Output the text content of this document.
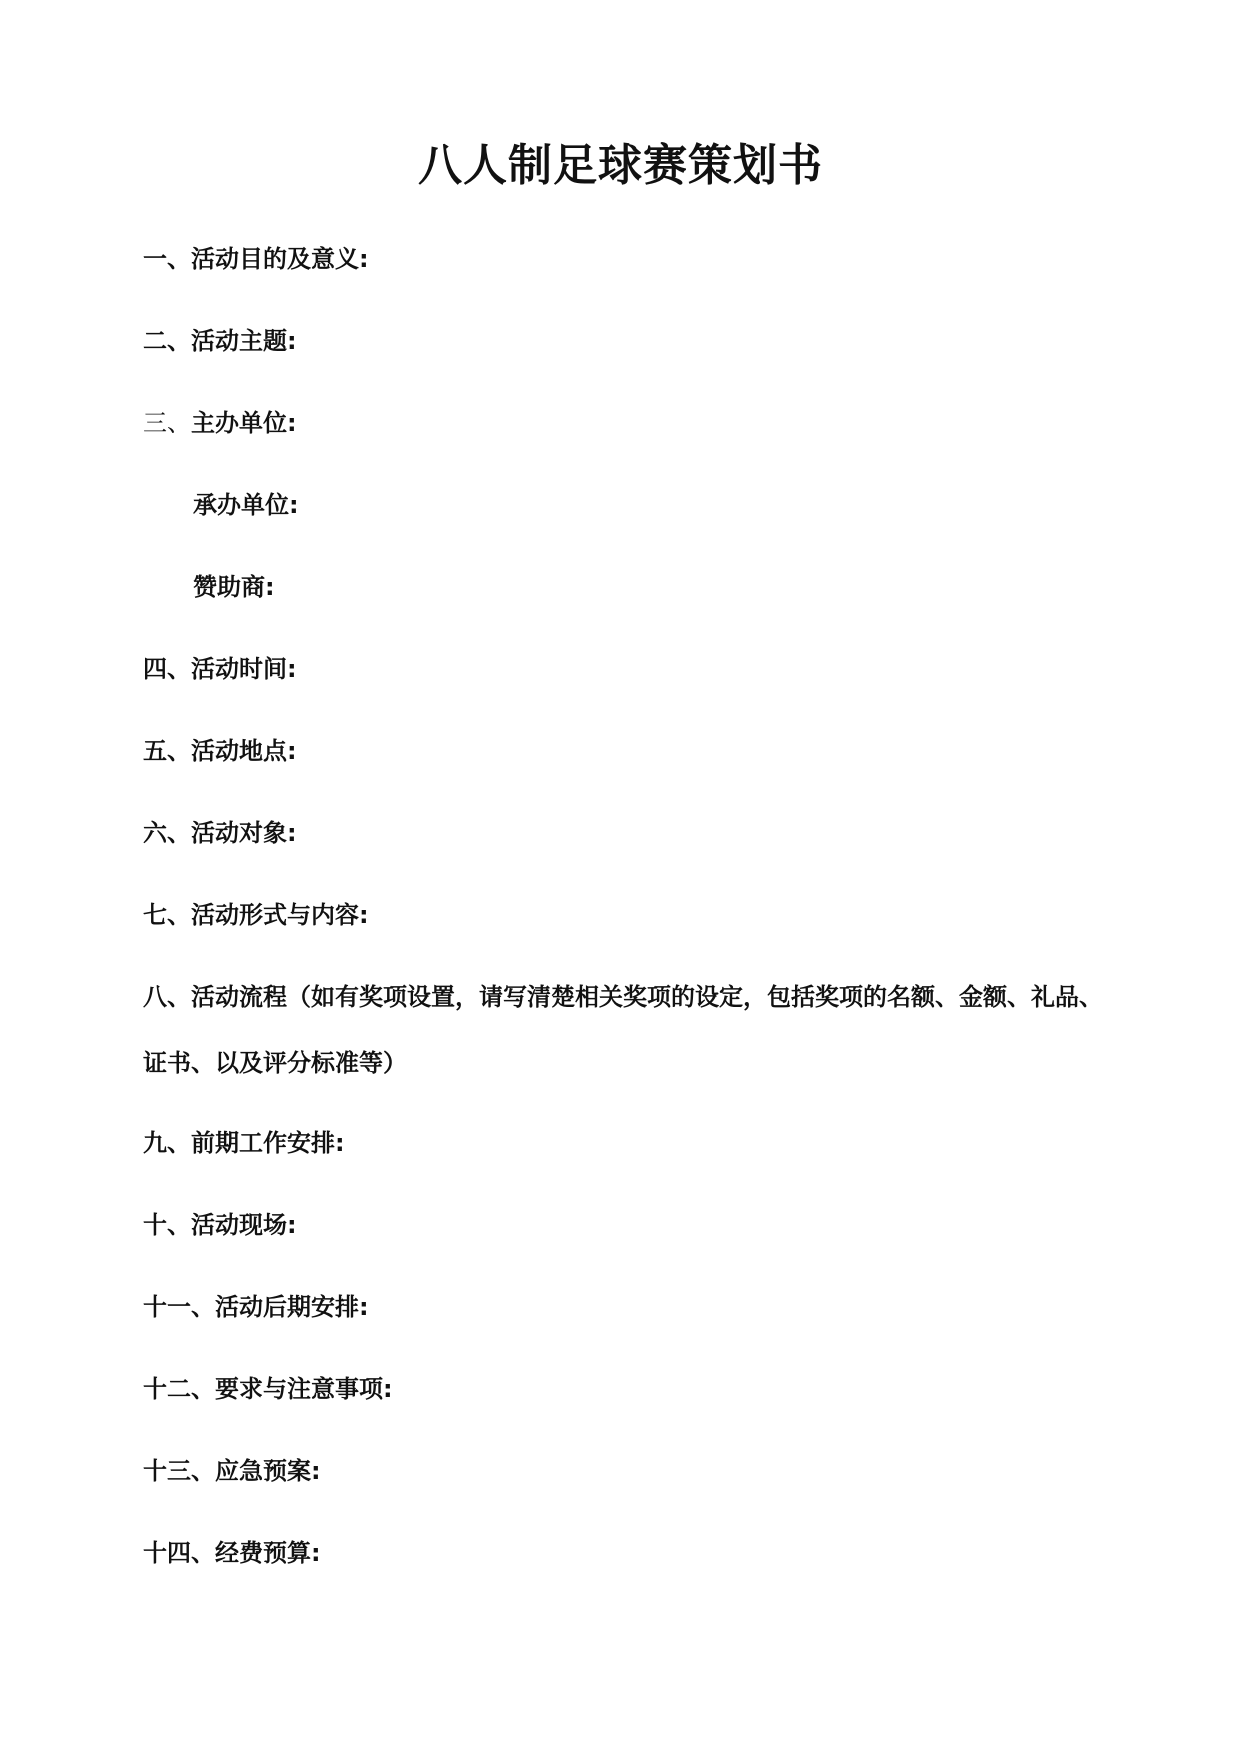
八人制足球赛策划书

一、活动目的及意义:

二、活动主题:

三、主办单位:

承办单位:

赞助商:

四、活动时间:

五、活动地点:

六、活动对象:

七、活动形式与内容:

八、活动流程（如有奖项设置，请写清楚相关奖项的设定，包括奖项的名额、金额、礼品、证书、以及评分标准等）

九、前期工作安排:

十、活动现场:

十一、活动后期安排:

十二、要求与注意事项:

十三、应急预案:

十四、经费预算:
